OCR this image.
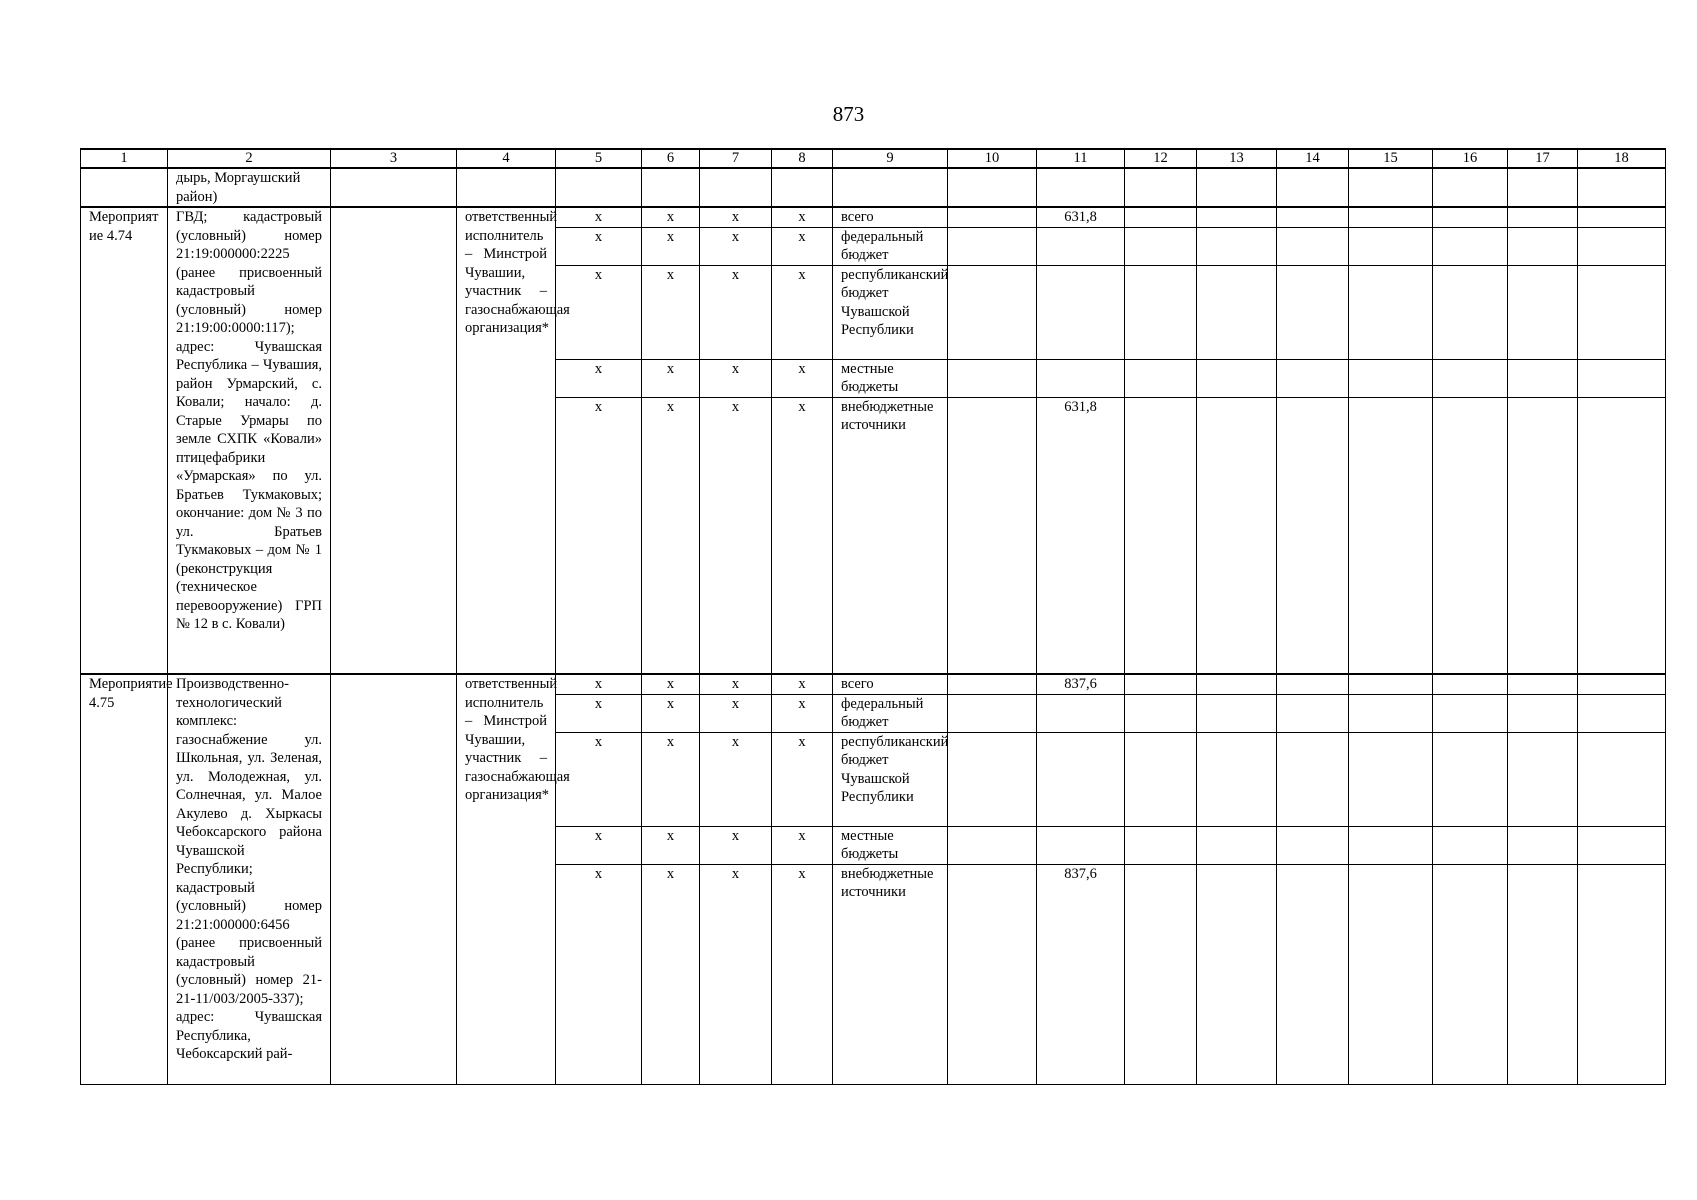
873
1	2	3	4	5	6	7	8	9	10	11	12	13	14	15	16	17	18
	дырь, Моргаушский район)																
Мероприятие 4.74	ГВД; кадастровый (условный) номер 21:19:000000:2225 (ранее присвоенный кадастровый (условный) номер 21:19:00:0000:117); адрес: Чувашская Республика – Чувашия, район Урмарский, с. Ковали; начало: д. Старые Урмары по земле СХПК «Ковали» птицефабрики «Урмарская» по ул. Братьев Тукмаковых; окончание: дом № 3 по ул. Братьев Тукмаковых – дом № 1 (реконструкция (техническое перевооружение) ГРП № 12 в с. Ковали)		ответственный исполнитель – Минстрой Чувашии, участник – газоснабжающая организация*	x	x	x	x	всего		631,8							
				x	x	x	x	федеральный бюджет									
				x	x	x	x	республиканский бюджет Чувашской Республики									
				x	x	x	x	местные бюджеты									
				x	x	x	x	внебюджетные источники		631,8							
Мероприятие 4.75	Производственно-технологический комплекс: газоснабжение ул. Школьная, ул. Зеленая, ул. Молодежная, ул. Солнечная, ул. Малое Акулево д. Хыркасы Чебоксарского района Чувашской Республики; кадастровый (условный) номер 21:21:000000:6456 (ранее присвоенный кадастровый (условный) номер 21-21-11/003/2005-337); адрес: Чувашская Республика, Чебоксарский рай-		ответственный исполнитель – Минстрой Чувашии, участник – газоснабжающая организация*	x	x	x	x	всего		837,6							
				x	x	x	x	федеральный бюджет									
				x	x	x	x	республиканский бюджет Чувашской Республики									
				x	x	x	x	местные бюджеты									
				x	x	x	x	внебюджетные источники		837,6							
